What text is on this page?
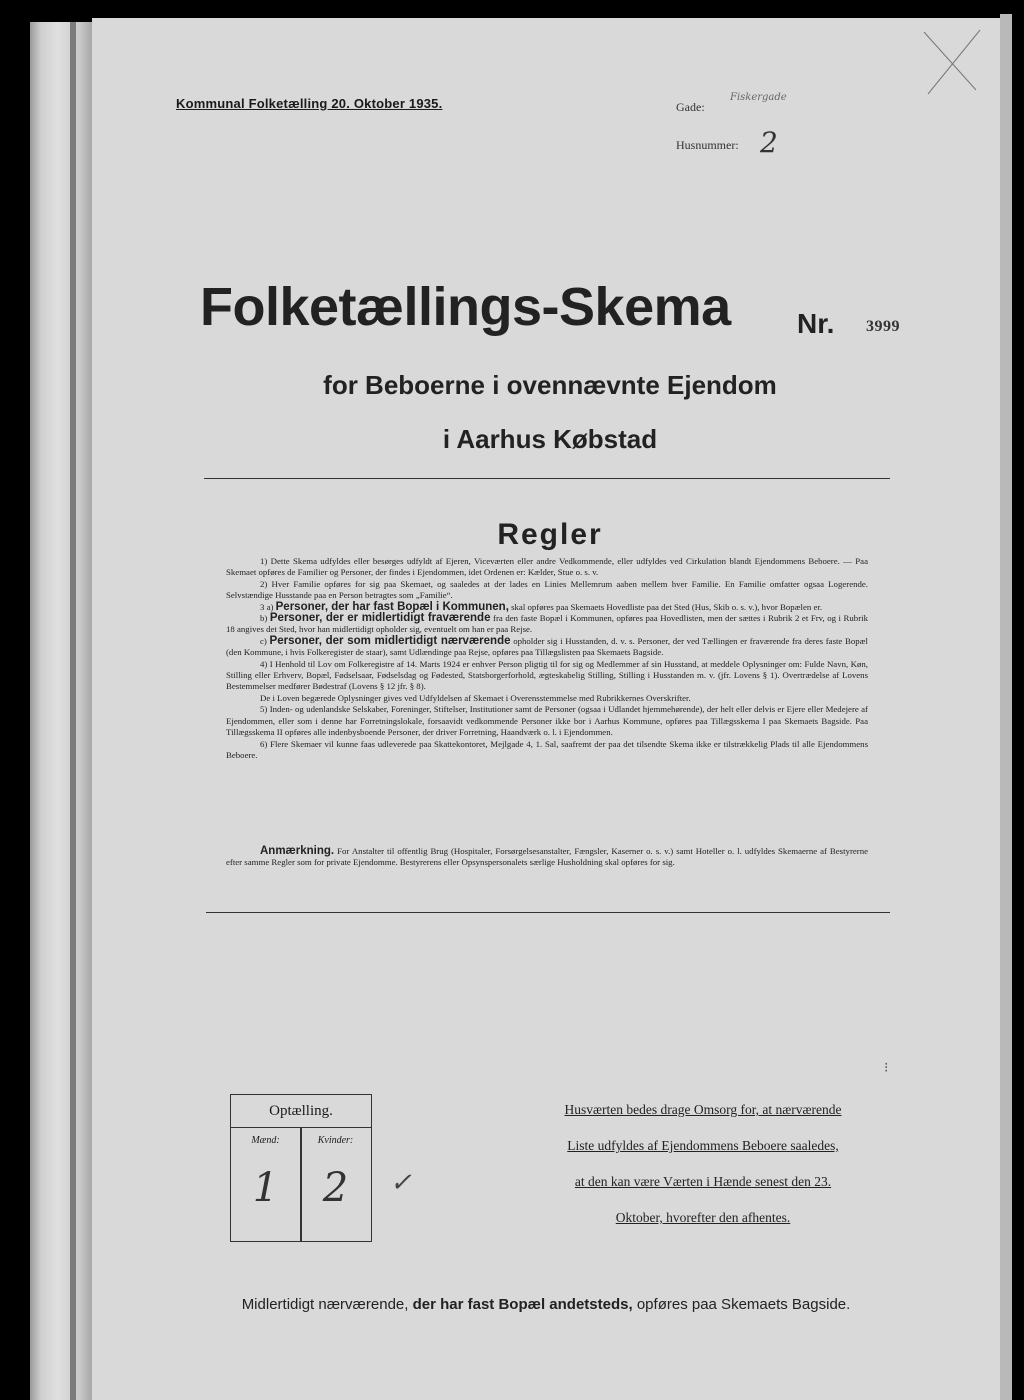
Kommunal Folketælling 20. Oktober 1935.	Gade:
Fiskergade
Husnummer: 2
Folketællings-Skema Nr. 3999
for Beboerne i ovennævnte Ejendom
i Aarhus Købstad
Regler

1) Dette Skema udfyldes eller besørges udfyldt af Ejeren, Viceværten eller andre Vedkommende, eller udfyldes ved Cirkulation blandt Ejendommens Beboere. — Paa Skemaet opføres de Familier og Personer, der findes i Ejendommen, idet Ordenen er: Kælder, Stue o. s. v.

2) Hver Familie opføres for sig paa Skemaet, og saaledes at der lades en Linies Mellemrum aaben mellem hver Familie. En Familie omfatter ogsaa Logerende. Selvstændige Husstande paa en Person betragtes som „Familie“.

3 a) Personer, der har fast Bopæl i Kommunen, skal opføres paa Skemaets Hovedliste paa det Sted (Hus, Skib o. s. v.), hvor Bopælen er.

b) Personer, der er midlertidigt fraværende fra den faste Bopæl i Kommunen, opføres paa Hovedlisten, men der sættes i Rubrik 2 et Frv, og i Rubrik 18 angives det Sted, hvor han midlertidigt opholder sig, eventuelt om han er paa Rejse.

c) Personer, der som midlertidigt nærværende opholder sig i Husstanden, d. v. s. Personer, der ved Tællingen er fraværende fra deres faste Bopæl (den Kommune, i hvis Folkeregister de staar), samt Udlændinge paa Rejse, opføres paa Tillægslisten paa Skemaets Bagside.

4) I Henhold til Lov om Folkeregistre af 14. Marts 1924 er enhver Person pligtig til for sig og Medlemmer af sin Husstand, at meddele Oplysninger om: Fulde Navn, Køn, Stilling eller Erhverv, Bopæl, Fødselsaar, Fødselsdag og Fødested, Statsborgerforhold, ægteskabelig Stilling, Stilling i Husstanden m. v. (jfr. Lovens § 1). Overtrædelse af Lovens Bestemmelser medfører Bødestraf (Lovens § 12 jfr. § 8).

De i Loven begærede Oplysninger gives ved Udfyldelsen af Skemaet i Overensstemmelse med Rubrikkernes Overskrifter.

5) Inden- og udenlandske Selskaber, Foreninger, Stiftelser, Institutioner samt de Personer (ogsaa i Udlandet hjemmehørende), der helt eller delvis er Ejere eller Medejere af Ejendommen, eller som i denne har Forretningslokale, forsaavidt vedkommende Personer ikke bor i Aarhus Kommune, opføres paa Tillægsskema I paa Skemaets Bagside. Paa Tillægsskema II opføres alle indenbysboende Personer, der driver Forretning, Haandværk o. l. i Ejendommen.

6) Flere Skemaer vil kunne faas udleverede paa Skattekontoret, Mejlgade 4, 1. Sal, saafremt der paa det tilsendte Skema ikke er tilstrækkelig Plads til alle Ejendommens Beboere.

Anmærkning. For Anstalter til offentlig Brug (Hospitaler, Forsørgelsesanstalter, Fængsler, Kaserner o. s. v.) samt Hoteller o. l. udfyldes Skemaerne af Bestyrerne efter samme Regler som for private Ejendomme. Bestyrerens eller Opsynspersonalets særlige Husholdning skal opføres for sig.

⁝
Optælling.
Mænd:	Kvinder:
1	2	✓
Husværten bedes drage Omsorg for, at nærværende
Liste udfyldes af Ejendommens Beboere saaledes,
at den kan være Værten i Hænde senest den 23.
Oktober, hvorefter den afhentes.
Midlertidigt nærværende, der har fast Bopæl andetsteds, opføres paa Skemaets Bagside.
